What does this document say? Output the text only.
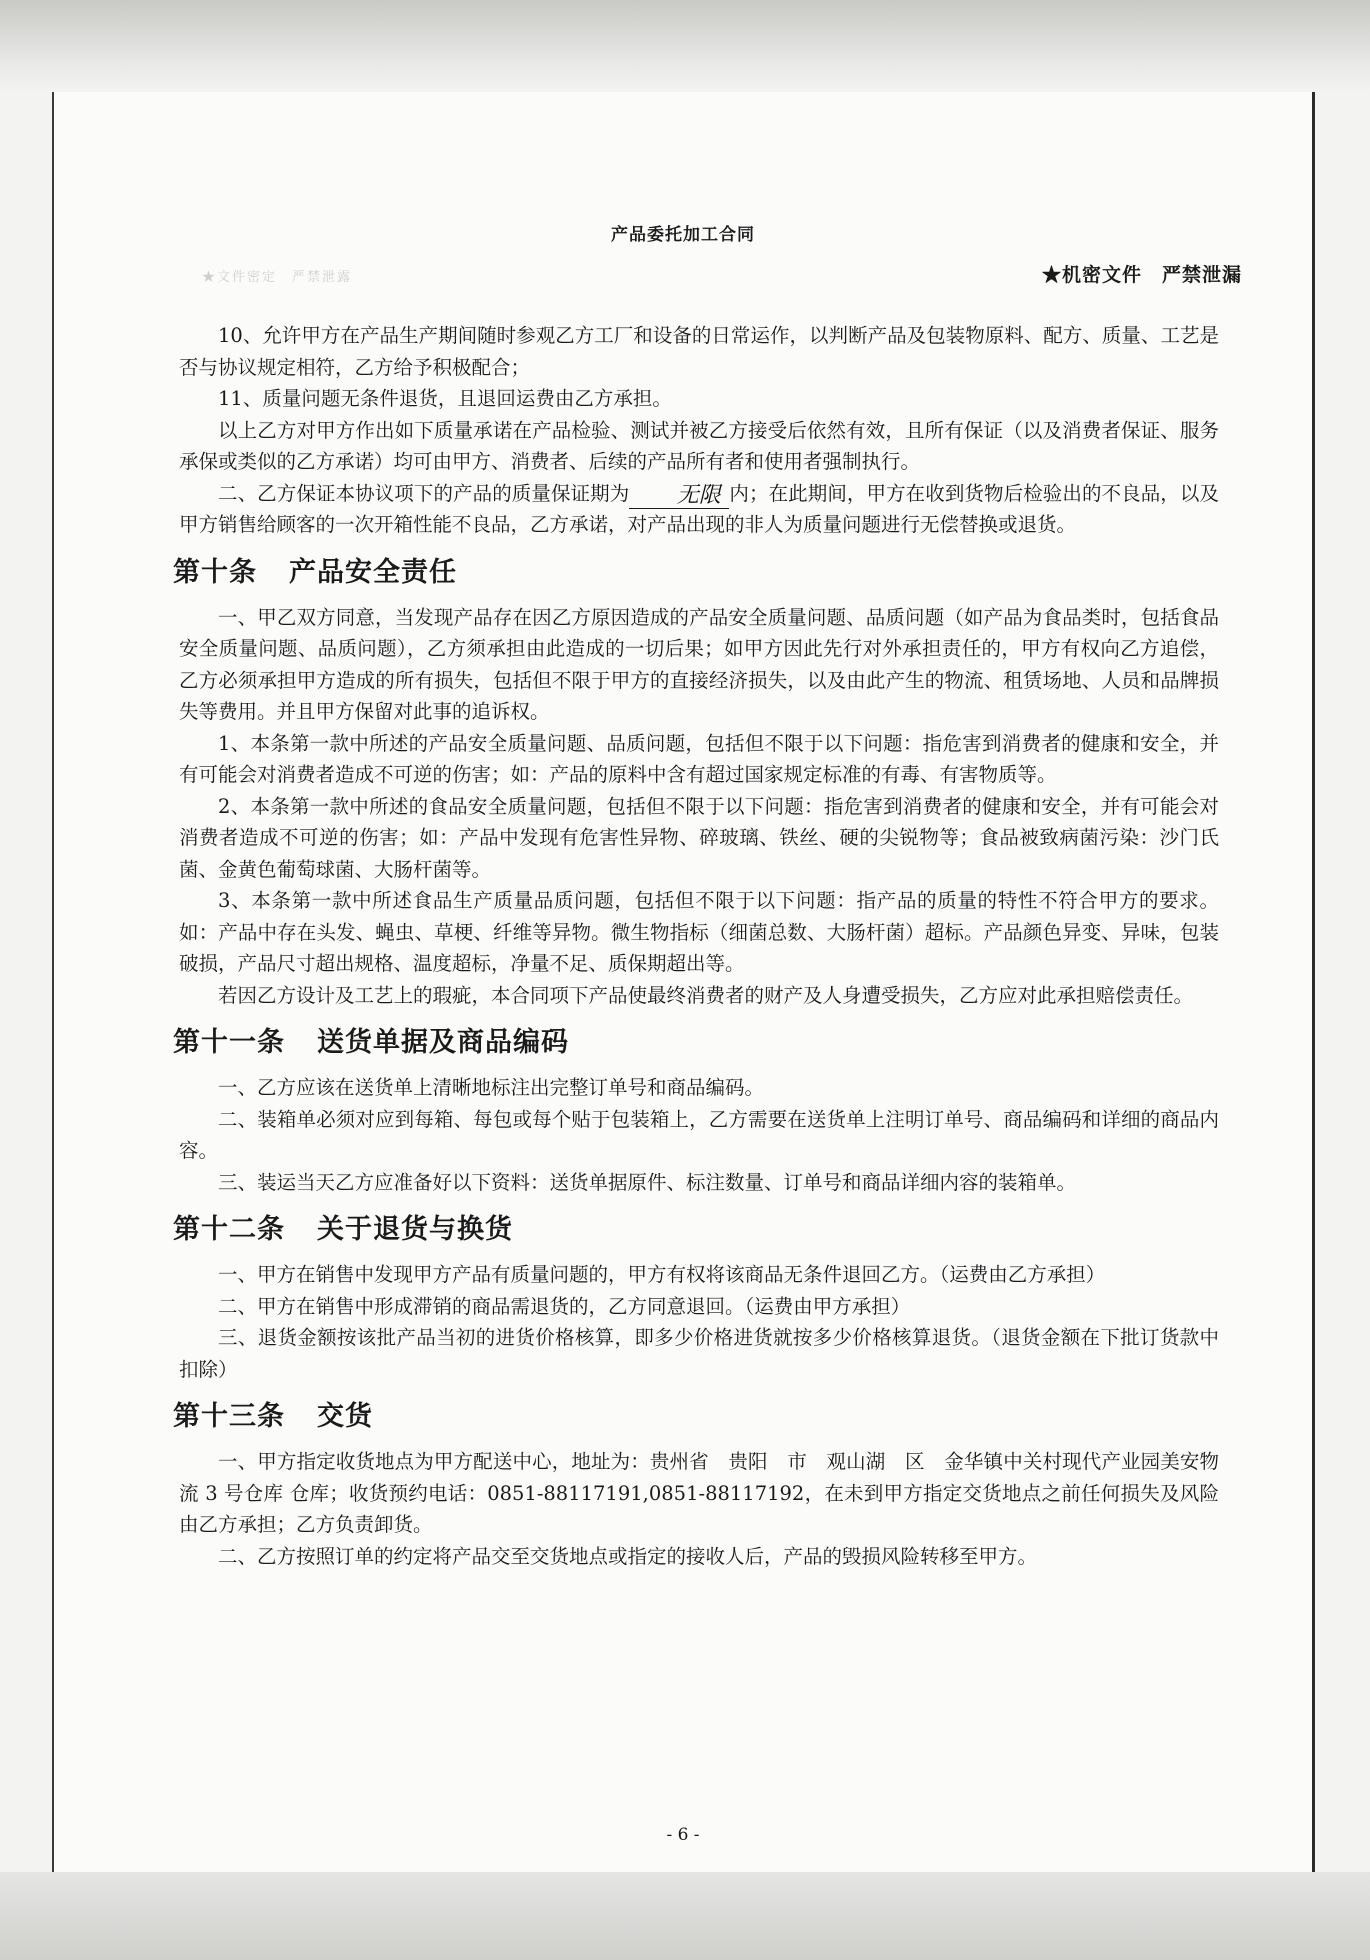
★文件密定　严禁泄露
产品委托加工合同
★机密文件　严禁泄漏

10、允许甲方在产品生产期间随时参观乙方工厂和设备的日常运作，以判断产品及包装物原料、配方、质量、工艺是否与协议规定相符，乙方给予积极配合；

11、质量问题无条件退货，且退回运费由乙方承担。

以上乙方对甲方作出如下质量承诺在产品检验、测试并被乙方接受后依然有效，且所有保证（以及消费者保证、服务承保或类似的乙方承诺）均可由甲方、消费者、后续的产品所有者和使用者强制执行。

二、乙方保证本协议项下的产品的质量保证期为 无限 内；在此期间，甲方在收到货物后检验出的不良品，以及甲方销售给顾客的一次开箱性能不良品，乙方承诺，对产品出现的非人为质量问题进行无偿替换或退货。

第十条 产品安全责任

一、甲乙双方同意，当发现产品存在因乙方原因造成的产品安全质量问题、品质问题（如产品为食品类时，包括食品安全质量问题、品质问题），乙方须承担由此造成的一切后果；如甲方因此先行对外承担责任的，甲方有权向乙方追偿，乙方必须承担甲方造成的所有损失，包括但不限于甲方的直接经济损失，以及由此产生的物流、租赁场地、人员和品牌损失等费用。并且甲方保留对此事的追诉权。

1、本条第一款中所述的产品安全质量问题、品质问题，包括但不限于以下问题：指危害到消费者的健康和安全，并有可能会对消费者造成不可逆的伤害；如：产品的原料中含有超过国家规定标准的有毒、有害物质等。

2、本条第一款中所述的食品安全质量问题，包括但不限于以下问题：指危害到消费者的健康和安全，并有可能会对消费者造成不可逆的伤害；如：产品中发现有危害性异物、碎玻璃、铁丝、硬的尖锐物等；食品被致病菌污染：沙门氏菌、金黄色葡萄球菌、大肠杆菌等。

3、本条第一款中所述食品生产质量品质问题，包括但不限于以下问题：指产品的质量的特性不符合甲方的要求。如：产品中存在头发、蝇虫、草梗、纤维等异物。微生物指标（细菌总数、大肠杆菌）超标。产品颜色异变、异味，包装破损，产品尺寸超出规格、温度超标，净量不足、质保期超出等。

若因乙方设计及工艺上的瑕疵，本合同项下产品使最终消费者的财产及人身遭受损失，乙方应对此承担赔偿责任。

第十一条 送货单据及商品编码

一、乙方应该在送货单上清晰地标注出完整订单号和商品编码。

二、装箱单必须对应到每箱、每包或每个贴于包装箱上，乙方需要在送货单上注明订单号、商品编码和详细的商品内容。

三、装运当天乙方应准备好以下资料：送货单据原件、标注数量、订单号和商品详细内容的装箱单。

第十二条 关于退货与换货

一、甲方在销售中发现甲方产品有质量问题的，甲方有权将该商品无条件退回乙方。（运费由乙方承担）

二、甲方在销售中形成滞销的商品需退货的，乙方同意退回。（运费由甲方承担）

三、退货金额按该批产品当初的进货价格核算，即多少价格进货就按多少价格核算退货。（退货金额在下批订货款中扣除）

第十三条 交货

一、甲方指定收货地点为甲方配送中心，地址为：贵州省　贵阳　市　观山湖　区　金华镇中关村现代产业园美安物流 3 号仓库 仓库；收货预约电话：0851-88117191,0851-88117192，在未到甲方指定交货地点之前任何损失及风险由乙方承担；乙方负责卸货。

二、乙方按照订单的约定将产品交至交货地点或指定的接收人后，产品的毁损风险转移至甲方。

- 6 -
